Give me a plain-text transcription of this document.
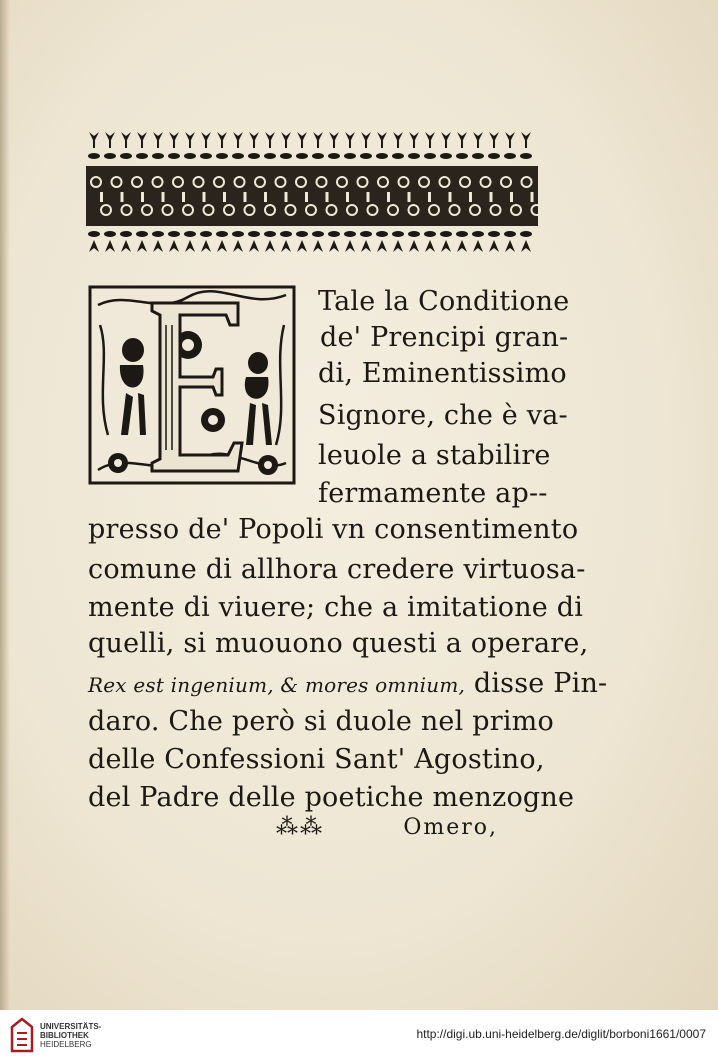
Tale la Conditione
de' Prencipi gran-
di, Eminentissimo
Signore, che è va-
leuole a stabilire
fermamente ap--
presso de' Popoli vn consentimento
comune di allhora credere virtuosa-
mente di viuere; che a imitatione di
quelli, si muouono questi a operare,
Rex est ingenium, & mores omnium, disse Pin-
daro. Che però si duole nel primo
delle Confessioni Sant' Agostino,
del Padre delle poetiche menzogne
⁂⁂	Omero,
UNIVERSITÄTS-
BIBLIOTHEK
HEIDELBERG
http://digi.ub.uni-heidelberg.de/diglit/borboni1661/0007
